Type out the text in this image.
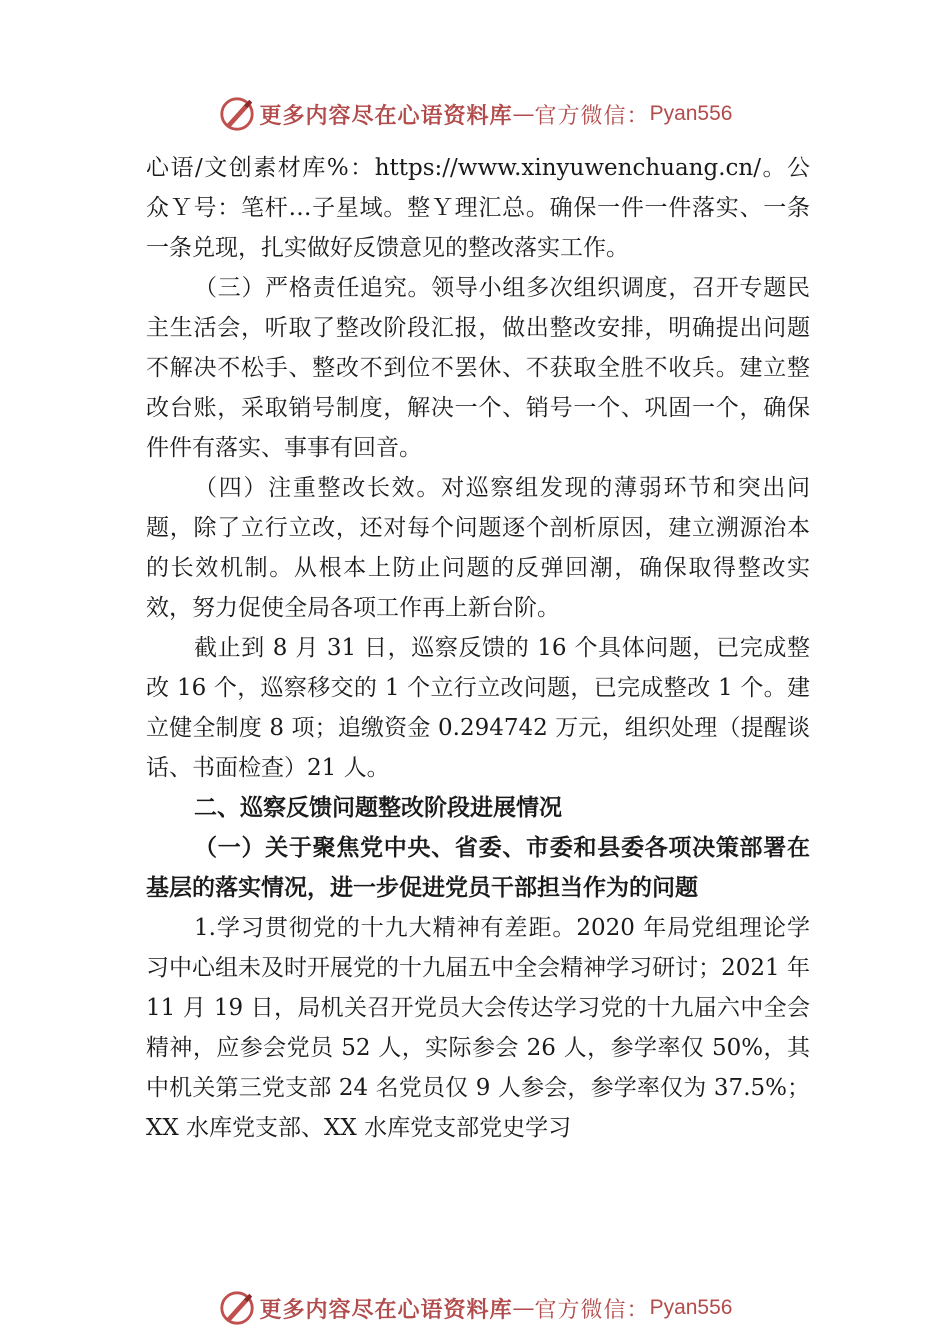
更多内容尽在心语资料库 — 官方微信： Pyan556

心语/文创素材库%：https://www.xinyuwenchuang.cn/。公众Ｙ号：笔杆…子星域。整Ｙ理汇总。确保一件一件落实、一条一条兑现，扎实做好反馈意见的整改落实工作。

（三）严格责任追究。领导小组多次组织调度，召开专题民主生活会，听取了整改阶段汇报，做出整改安排，明确提出问题不解决不松手、整改不到位不罢休、不获取全胜不收兵。建立整改台账，采取销号制度，解决一个、销号一个、巩固一个，确保件件有落实、事事有回音。

（四）注重整改长效。对巡察组发现的薄弱环节和突出问题，除了立行立改，还对每个问题逐个剖析原因，建立溯源治本的长效机制。从根本上防止问题的反弹回潮，确保取得整改实效，努力促使全局各项工作再上新台阶。

截止到 8 月 31 日，巡察反馈的 16 个具体问题，已完成整改 16 个，巡察移交的 1 个立行立改问题，已完成整改 1 个。建立健全制度 8 项；追缴资金 0.294742 万元，组织处理（提醒谈话、书面检查）21 人。

二、巡察反馈问题整改阶段进展情况

（一）关于聚焦党中央、省委、市委和县委各项决策部署在基层的落实情况，进一步促进党员干部担当作为的问题

1.学习贯彻党的十九大精神有差距。2020 年局党组理论学习中心组未及时开展党的十九届五中全会精神学习研讨；2021 年 11 月 19 日，局机关召开党员大会传达学习党的十九届六中全会精神，应参会党员 52 人，实际参会 26 人，参学率仅 50%，其中机关第三党支部 24 名党员仅 9 人参会，参学率仅为 37.5%；XX 水库党支部、XX 水库党支部党史学习

更多内容尽在心语资料库 — 官方微信： Pyan556
